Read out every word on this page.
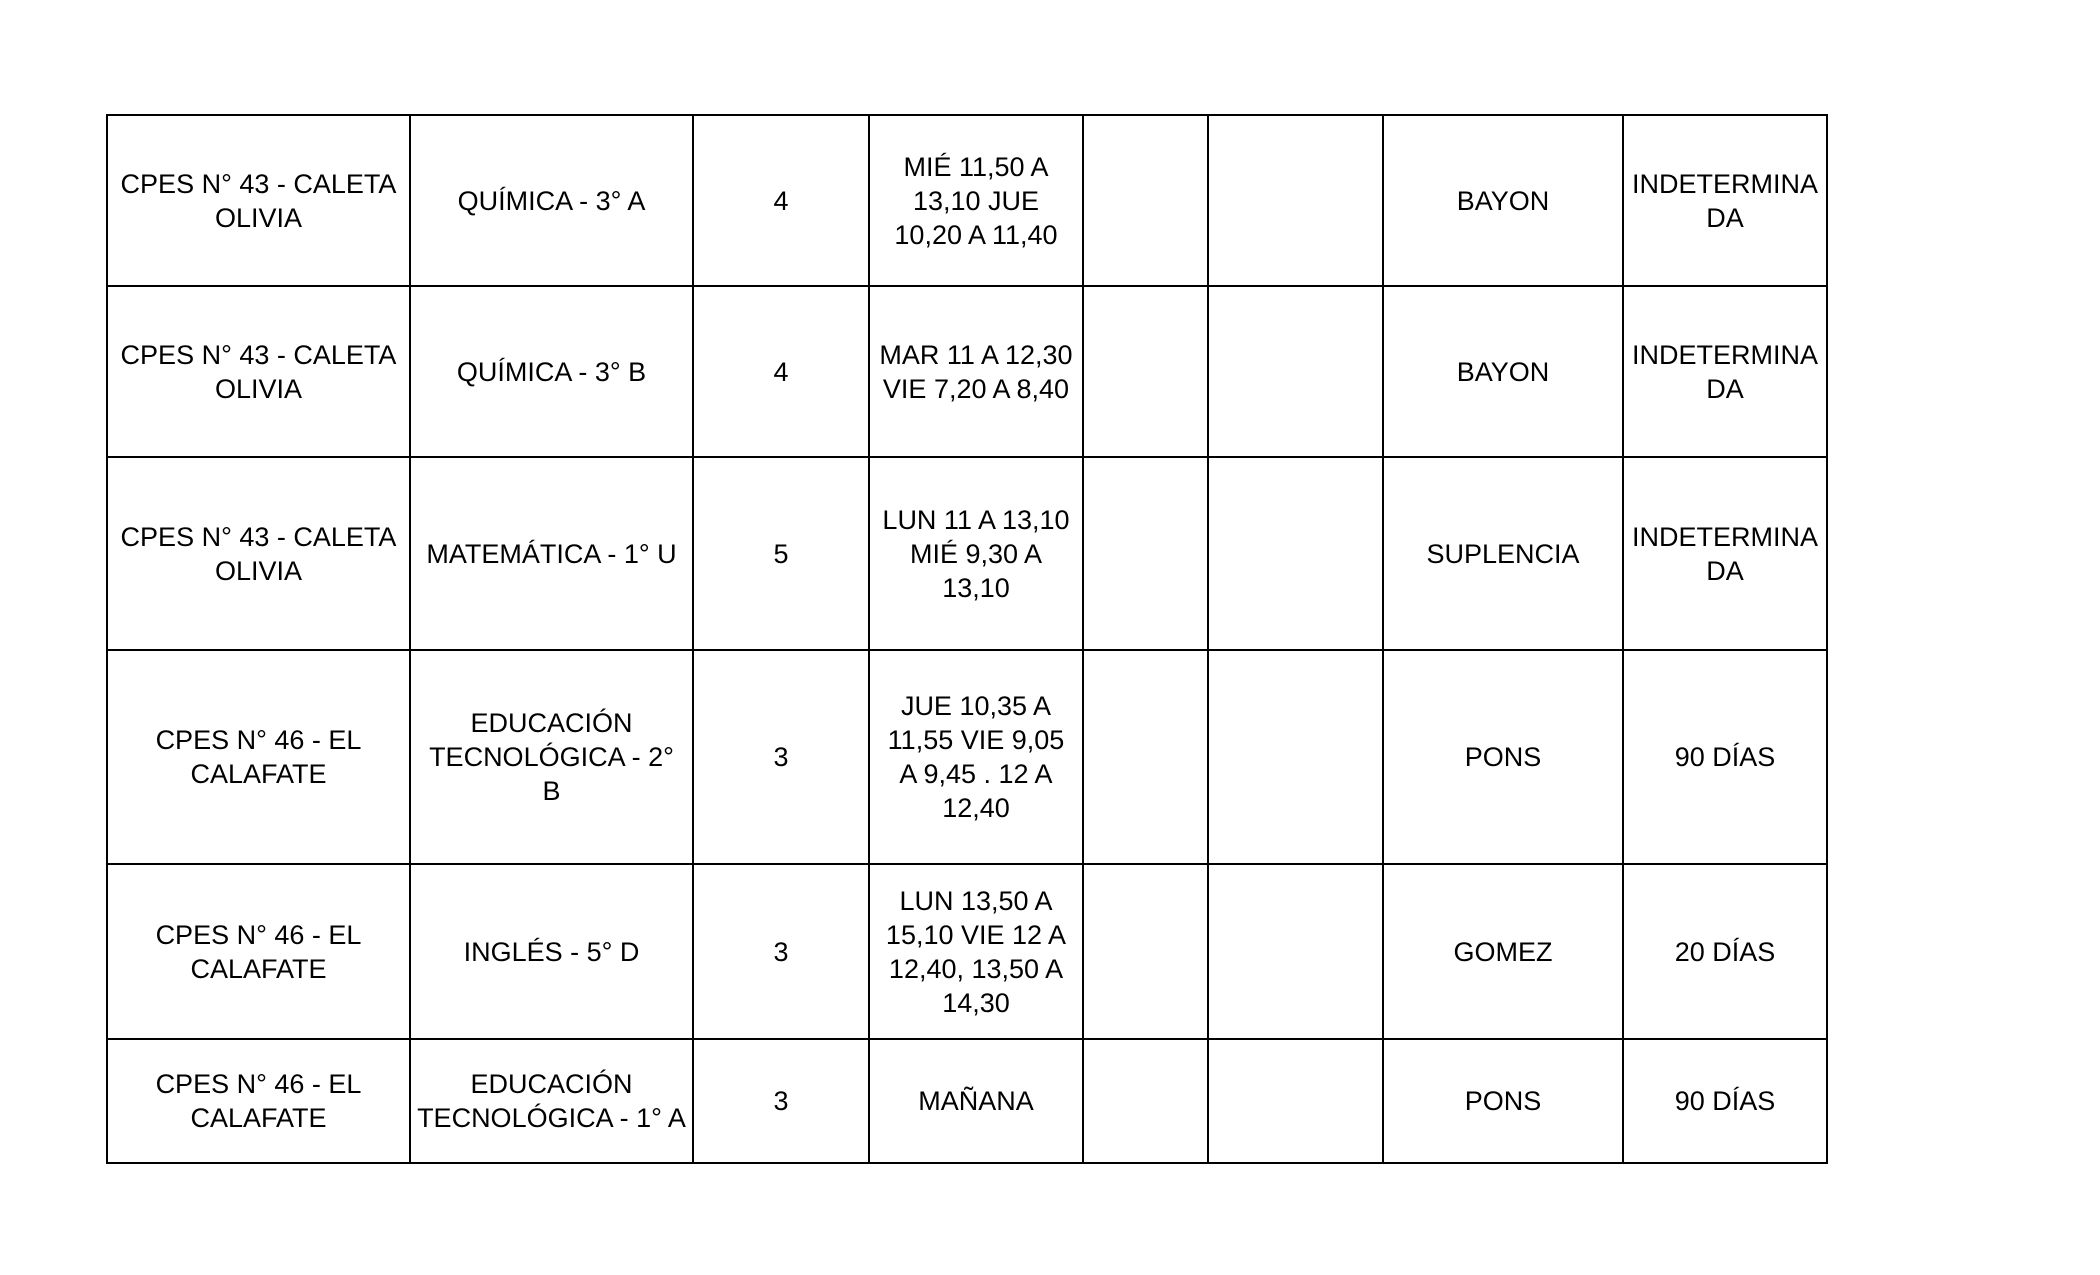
CPES N° 43 - CALETA OLIVIA	QUÍMICA - 3° A	4	MIÉ 11,50 A 13,10 JUE 10,20 A 11,40			BAYON	INDETERMINADA
CPES N° 43 - CALETA OLIVIA	QUÍMICA - 3° B	4	MAR 11 A 12,30 VIE 7,20 A 8,40			BAYON	INDETERMINADA
CPES N° 43 - CALETA OLIVIA	MATEMÁTICA - 1° U	5	LUN 11 A 13,10 MIÉ 9,30 A 13,10			SUPLENCIA	INDETERMINADA
CPES N° 46 - EL CALAFATE	EDUCACIÓN TECNOLÓGICA - 2° B	3	JUE 10,35 A 11,55 VIE 9,05 A 9,45 . 12 A 12,40			PONS	90 DÍAS
CPES N° 46 - EL CALAFATE	INGLÉS - 5° D	3	LUN 13,50 A 15,10 VIE 12 A 12,40, 13,50 A 14,30			GOMEZ	20 DÍAS
CPES N° 46 - EL CALAFATE	EDUCACIÓN TECNOLÓGICA - 1° A	3	MAÑANA			PONS	90 DÍAS
